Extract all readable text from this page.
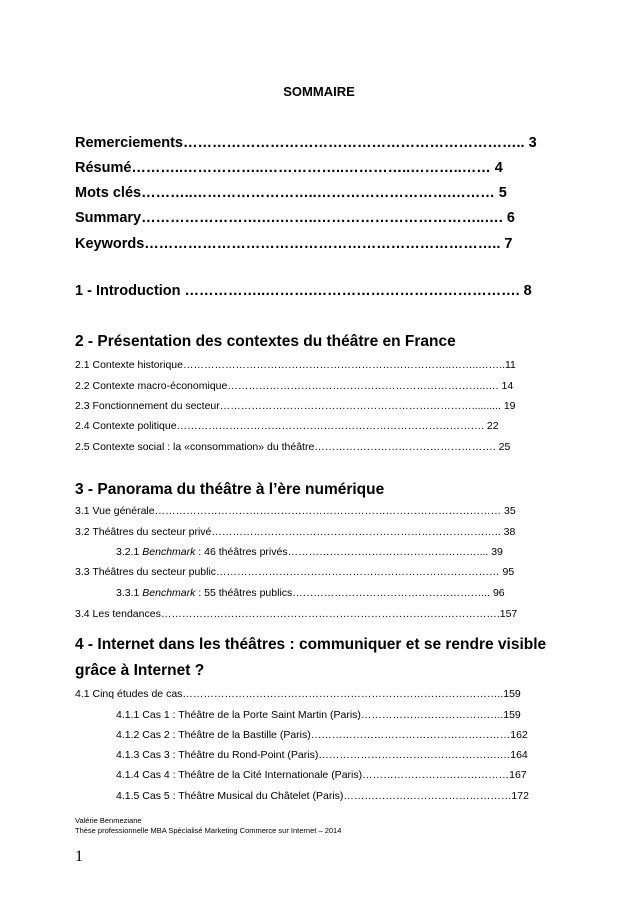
SOMMAIRE
Remerciements…………………………………………………………….. 3
Résumé………..……………..……………..…………..………..…… 4
Mots clés………..……………………..……………………….……… 5
Summary…………………….….……..……………………………..…. 6
Keywords……………………………………………………………….. 7
1 - Introduction ……………..……….……………………………………. 8
2 - Présentation des contextes du théâtre en France
2.1 Contexte historique…………………………………………………………………..……..……..11
2.2 Contexte macro-économique………………………………………………………………..…. 14
2.3 Fonctionnement du secteur……………………………………………………………….......... 19
2.4 Contexte politique……………………………………………………………………………. 22
2.5 Contexte social : la «consommation» du théâtre……………………………………………. 25
3 - Panorama du théâtre à l’ère numérique
3.1 Vue générale……………………………………………………………………………………… 35
3.2 Théâtres du secteur privé……………………………………………………………………….. 38
3.2.1 Benchmark : 46 théâtres privés……………………………………………….... 39
3.3 Théâtres du secteur public……………………………………………………………………… 95
3.3.1 Benchmark : 55 théâtres publics………………………………………………... 96
3.4 Les tendances…………………………………………………………………………………….157
4 - Internet dans les théâtres : communiquer et se rendre visible
grâce à Internet ?
4.1 Cinq études de cas………………………………………………………………………………..159
4.1.1 Cas 1 : Théâtre de la Porte Saint Martin (Paris)…………………………………..159
4.1.2 Cas 2 : Théâtre de la Bastille (Paris)…………………………………………………162
4.1.3 Cas 3 : Théâtre du Rond-Point (Paris)…………………………………………….…164
4.1.4 Cas 4 : Théâtre de la Cité Internationale (Paris)……………………………………167
4.1.5 Cas 5 : Théâtre Musical du Châtelet (Paris)…………………………………………172
Valérie Benmeziane
Thèse professionnelle MBA Spécialisé Marketing Commerce sur Internet – 2014
1
